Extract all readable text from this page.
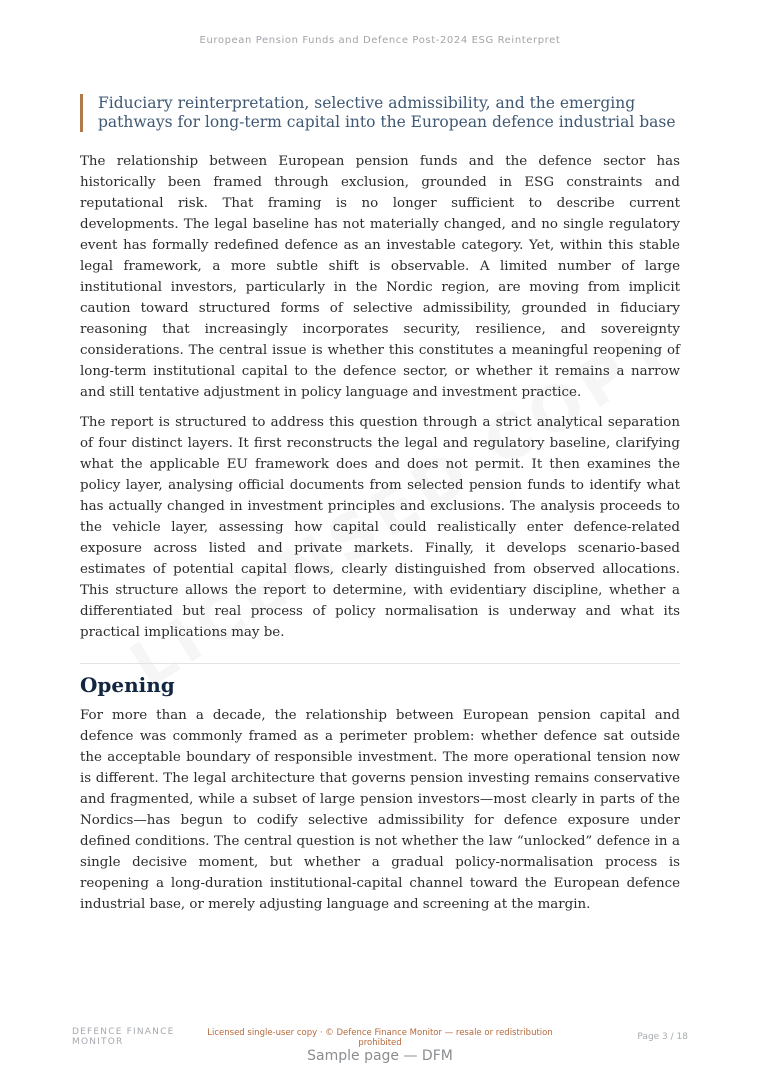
European Pension Funds and Defence Post-2024 ESG Reinterpret
Fiduciary reinterpretation, selective admissibility, and the emerging pathways for long-term capital into the European defence industrial base

The relationship between European pension funds and the defence sector has historically been framed through exclusion, grounded in ESG constraints and reputational risk. That framing is no longer sufficient to describe current developments. The legal baseline has not materially changed, and no single regulatory event has formally redefined defence as an investable category. Yet, within this stable legal framework, a more subtle shift is observable. A limited number of large institutional investors, particularly in the Nordic region, are moving from implicit caution toward structured forms of selective admissibility, grounded in fiduciary reasoning that increasingly incorporates security, resilience, and sovereignty considerations. The central issue is whether this constitutes a meaningful reopening of long-term institutional capital to the defence sector, or whether it remains a narrow and still tentative adjustment in policy language and investment practice.

The report is structured to address this question through a strict analytical separation of four distinct layers. It first reconstructs the legal and regulatory baseline, clarifying what the applicable EU framework does and does not permit. It then examines the policy layer, analysing official documents from selected pension funds to identify what has actually changed in investment principles and exclusions. The analysis proceeds to the vehicle layer, assessing how capital could realistically enter defence-related exposure across listed and private markets. Finally, it develops scenario-based estimates of potential capital flows, clearly distinguished from observed allocations. This structure allows the report to determine, with evidentiary discipline, whether a differentiated but real process of policy normalisation is underway and what its practical implications may be.

Opening

For more than a decade, the relationship between European pension capital and defence was commonly framed as a perimeter problem: whether defence sat outside the acceptable boundary of responsible investment. The more operational tension now is different. The legal architecture that governs pension investing remains conservative and fragmented, while a subset of large pension investors—most clearly in parts of the Nordics—has begun to codify selective admissibility for defence exposure under defined conditions. The central question is not whether the law “unlocked” defence in a single decisive moment, but whether a gradual policy-normalisation process is reopening a long-duration institutional-capital channel toward the European defence industrial base, or merely adjusting language and screening at the margin.

DEFENCE FINANCE MONITOR
Licensed single-user copy · © Defence Finance Monitor — resale or redistribution prohibited
Page 3 / 18
Sample page — DFM
